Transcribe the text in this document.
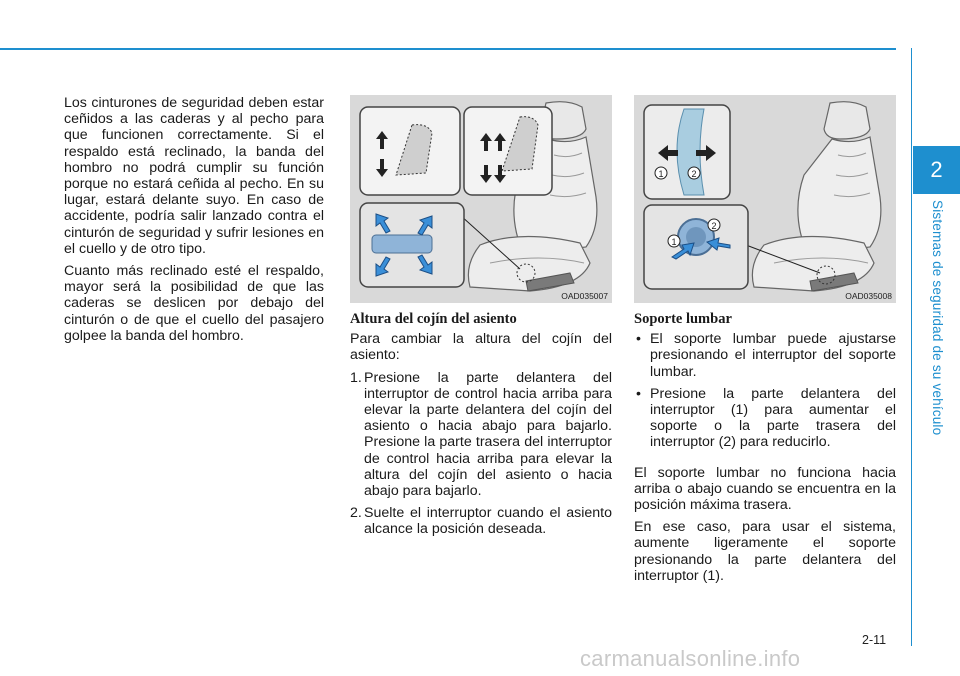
2
Sistemas de seguridad de su vehículo

Los cinturones de seguridad deben estar ceñidos a las caderas y al pecho para que funcionen correctamente. Si el respaldo está reclinado, la banda del hombro no podrá cumplir su función porque no estará ceñida al pecho. En su lugar, estará delante suyo. En caso de accidente, podría salir lanzado contra el cinturón de seguridad y sufrir lesiones en el cuello y de otro tipo.

Cuanto más reclinado esté el respaldo, mayor será la posibilidad de que las caderas se deslicen por debajo del cinturón o de que el cuello del pasajero golpee la banda del hombro.

OAD035007
1	2
1
2
OAD035008
Altura del cojín del asiento

Para cambiar la altura del cojín del asiento:

1. Presione la parte delantera del interruptor de control hacia arriba para elevar la parte delantera del cojín del asiento o hacia abajo para bajarlo. Presione la parte trasera del interruptor de control hacia arriba para elevar la altura del cojín del asiento o hacia abajo para bajarlo.
2. Suelte el interruptor cuando el asiento alcance la posición deseada.
Soporte lumbar
• El soporte lumbar puede ajustarse presionando el interruptor del soporte lumbar.
• Presione la parte delantera del interruptor (1) para aumentar el soporte o la parte trasera del interruptor (2) para reducirlo.

El soporte lumbar no funciona hacia arriba o abajo cuando se encuentra en la posición máxima trasera.

En ese caso, para usar el sistema, aumente ligeramente el soporte presionando la parte delantera del interruptor (1).

2-11
carmanualsonline.info
